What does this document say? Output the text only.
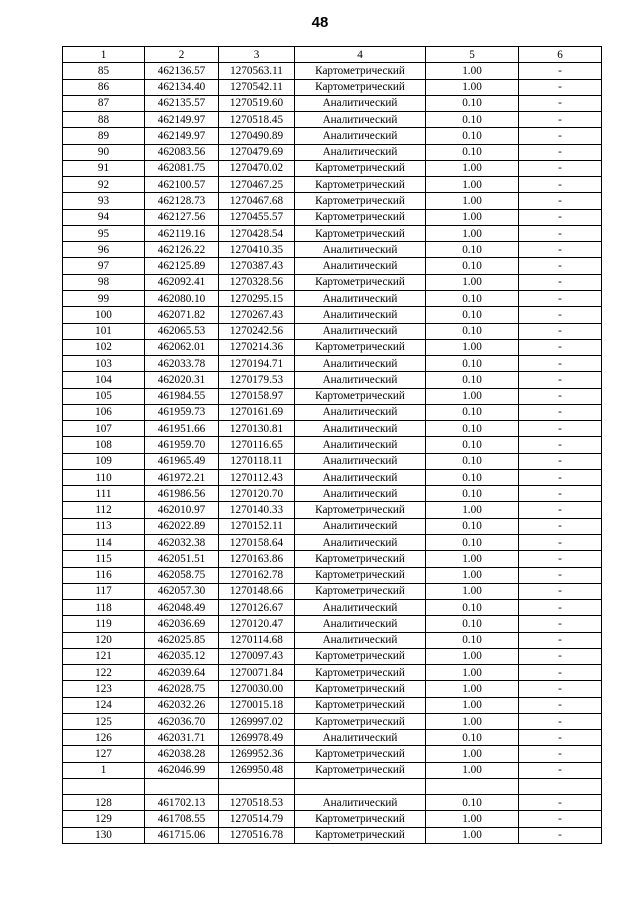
48
1	2	3	4	5	6
85	462136.57	1270563.11	Картометрический	1.00	-
86	462134.40	1270542.11	Картометрический	1.00	-
87	462135.57	1270519.60	Аналитический	0.10	-
88	462149.97	1270518.45	Аналитический	0.10	-
89	462149.97	1270490.89	Аналитический	0.10	-
90	462083.56	1270479.69	Аналитический	0.10	-
91	462081.75	1270470.02	Картометрический	1.00	-
92	462100.57	1270467.25	Картометрический	1.00	-
93	462128.73	1270467.68	Картометрический	1.00	-
94	462127.56	1270455.57	Картометрический	1.00	-
95	462119.16	1270428.54	Картометрический	1.00	-
96	462126.22	1270410.35	Аналитический	0.10	-
97	462125.89	1270387.43	Аналитический	0.10	-
98	462092.41	1270328.56	Картометрический	1.00	-
99	462080.10	1270295.15	Аналитический	0.10	-
100	462071.82	1270267.43	Аналитический	0.10	-
101	462065.53	1270242.56	Аналитический	0.10	-
102	462062.01	1270214.36	Картометрический	1.00	-
103	462033.78	1270194.71	Аналитический	0.10	-
104	462020.31	1270179.53	Аналитический	0.10	-
105	461984.55	1270158.97	Картометрический	1.00	-
106	461959.73	1270161.69	Аналитический	0.10	-
107	461951.66	1270130.81	Аналитический	0.10	-
108	461959.70	1270116.65	Аналитический	0.10	-
109	461965.49	1270118.11	Аналитический	0.10	-
110	461972.21	1270112.43	Аналитический	0.10	-
111	461986.56	1270120.70	Аналитический	0.10	-
112	462010.97	1270140.33	Картометрический	1.00	-
113	462022.89	1270152.11	Аналитический	0.10	-
114	462032.38	1270158.64	Аналитический	0.10	-
115	462051.51	1270163.86	Картометрический	1.00	-
116	462058.75	1270162.78	Картометрический	1.00	-
117	462057.30	1270148.66	Картометрический	1.00	-
118	462048.49	1270126.67	Аналитический	0.10	-
119	462036.69	1270120.47	Аналитический	0.10	-
120	462025.85	1270114.68	Аналитический	0.10	-
121	462035.12	1270097.43	Картометрический	1.00	-
122	462039.64	1270071.84	Картометрический	1.00	-
123	462028.75	1270030.00	Картометрический	1.00	-
124	462032.26	1270015.18	Картометрический	1.00	-
125	462036.70	1269997.02	Картометрический	1.00	-
126	462031.71	1269978.49	Аналитический	0.10	-
127	462038.28	1269952.36	Картометрический	1.00	-
1	462046.99	1269950.48	Картометрический	1.00	-

128	461702.13	1270518.53	Аналитический	0.10	-
129	461708.55	1270514.79	Картометрический	1.00	-
130	461715.06	1270516.78	Картометрический	1.00	-
